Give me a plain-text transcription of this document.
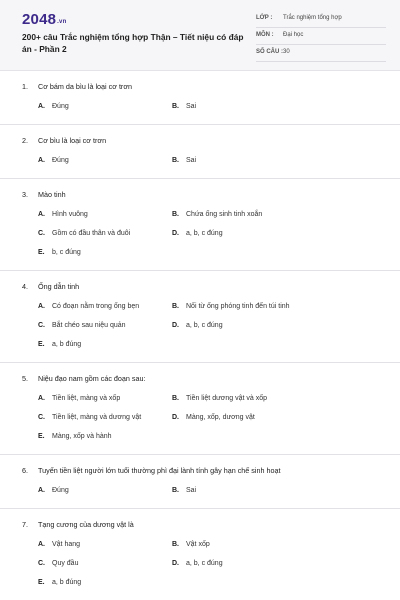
2048.vn
200+ câu Trắc nghiệm tổng hợp Thận – Tiết niệu có đáp án - Phần 2
LỚP : Trắc nghiệm tổng hợp
MÔN : Đại học
SỐ CÂU : 30
1.	Cơ bám da bìu là loại cơ trơn
A.	Đúng	B.	Sai
2.	Cơ bìu là loại cơ trơn
A.	Đúng	B.	Sai
3.	Mào tinh
A.	Hình vuông	B.	Chứa ống sinh tinh xoắn
C.	Gồm có đầu thân và đuôi	D.	a, b, c đúng
E.	b, c đúng
4.	Ống dẫn tinh
A.	Có đoạn nằm trong ống bẹn	B.	Nối từ ống phóng tinh đến túi tinh
C.	Bắt chéo sau niệu quản	D.	a, b, c đúng
E.	a, b đúng
5.	Niệu đạo nam gồm các đoạn sau:
A.	Tiền liệt, màng và xốp	B.	Tiền liệt dương vật và xốp
C.	Tiền liệt, màng và dương vật	D.	Màng, xốp, dương vật
E.	Màng, xốp và hành
6.	Tuyến tiền liệt người lớn tuổi thường phì đại lành tính gây hạn chế sinh hoạt
A.	Đúng	B.	Sai
7.	Tạng cương của dương vật là
A.	Vật hang	B.	Vật xốp
C.	Quy đầu	D.	a, b, c đúng
E.	a, b đúng
